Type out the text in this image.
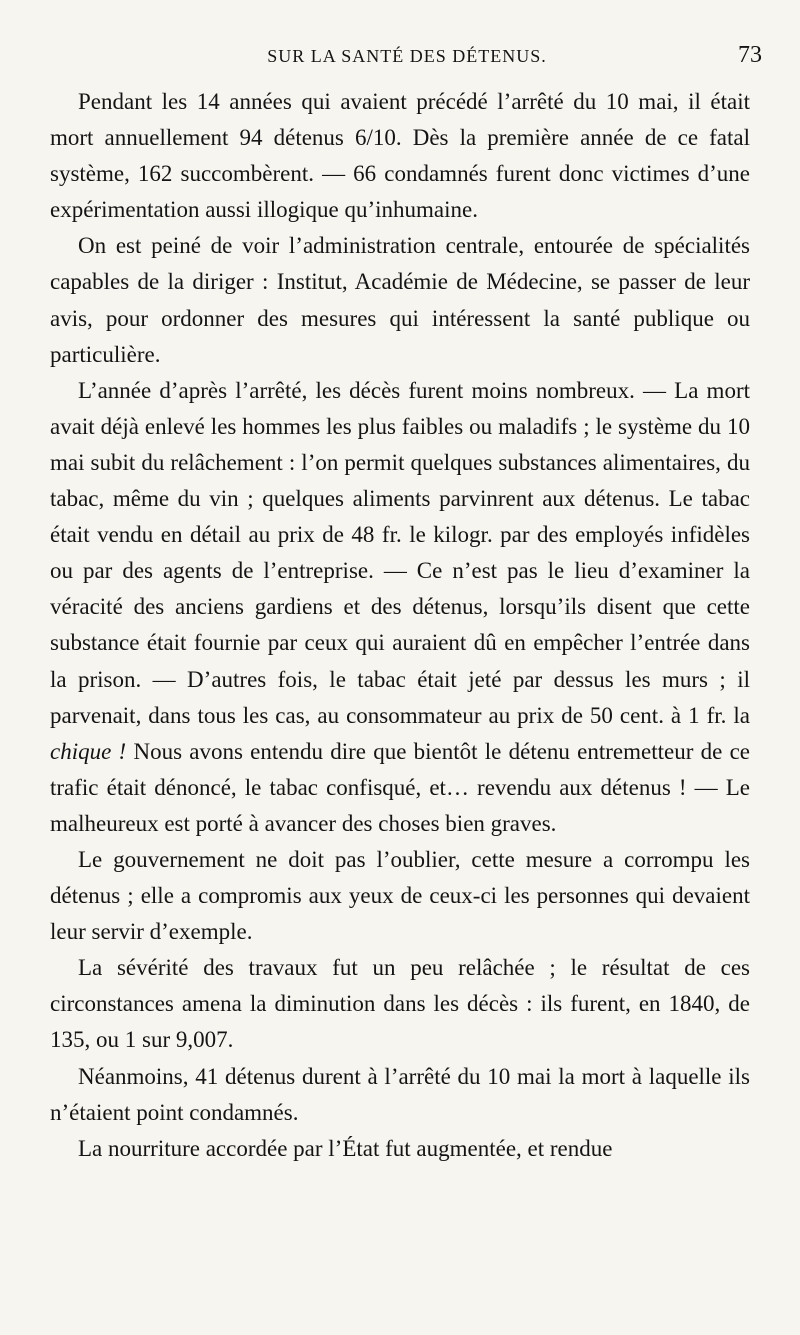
SUR LA SANTÉ DES DÉTENUS.	73

Pendant les 14 années qui avaient précédé l’arrêté du 10 mai, il était mort annuellement 94 détenus 6/10. Dès la première année de ce fatal système, 162 succombèrent. — 66 condamnés furent donc victimes d’une expérimentation aussi illogique qu’inhumaine.

On est peiné de voir l’administration centrale, entourée de spécialités capables de la diriger : Institut, Académie de Médecine, se passer de leur avis, pour ordonner des mesures qui intéressent la santé publique ou particulière.

L’année d’après l’arrêté, les décès furent moins nombreux. — La mort avait déjà enlevé les hommes les plus faibles ou maladifs ; le système du 10 mai subit du relâchement : l’on permit quelques substances alimentaires, du tabac, même du vin ; quelques aliments parvinrent aux détenus. Le tabac était vendu en détail au prix de 48 fr. le kilogr. par des employés infidèles ou par des agents de l’entreprise. — Ce n’est pas le lieu d’examiner la véracité des anciens gardiens et des détenus, lorsqu’ils disent que cette substance était fournie par ceux qui auraient dû en empêcher l’entrée dans la prison. — D’autres fois, le tabac était jeté par dessus les murs ; il parvenait, dans tous les cas, au consommateur au prix de 50 cent. à 1 fr. la chique ! Nous avons entendu dire que bientôt le détenu entremetteur de ce trafic était dénoncé, le tabac confisqué, et… revendu aux détenus ! — Le malheureux est porté à avancer des choses bien graves.

Le gouvernement ne doit pas l’oublier, cette mesure a corrompu les détenus ; elle a compromis aux yeux de ceux-ci les personnes qui devaient leur servir d’exemple.

La sévérité des travaux fut un peu relâchée ; le résultat de ces circonstances amena la diminution dans les décès : ils furent, en 1840, de 135, ou 1 sur 9,007.

Néanmoins, 41 détenus durent à l’arrêté du 10 mai la mort à laquelle ils n’étaient point condamnés.

La nourriture accordée par l’État fut augmentée, et rendue
